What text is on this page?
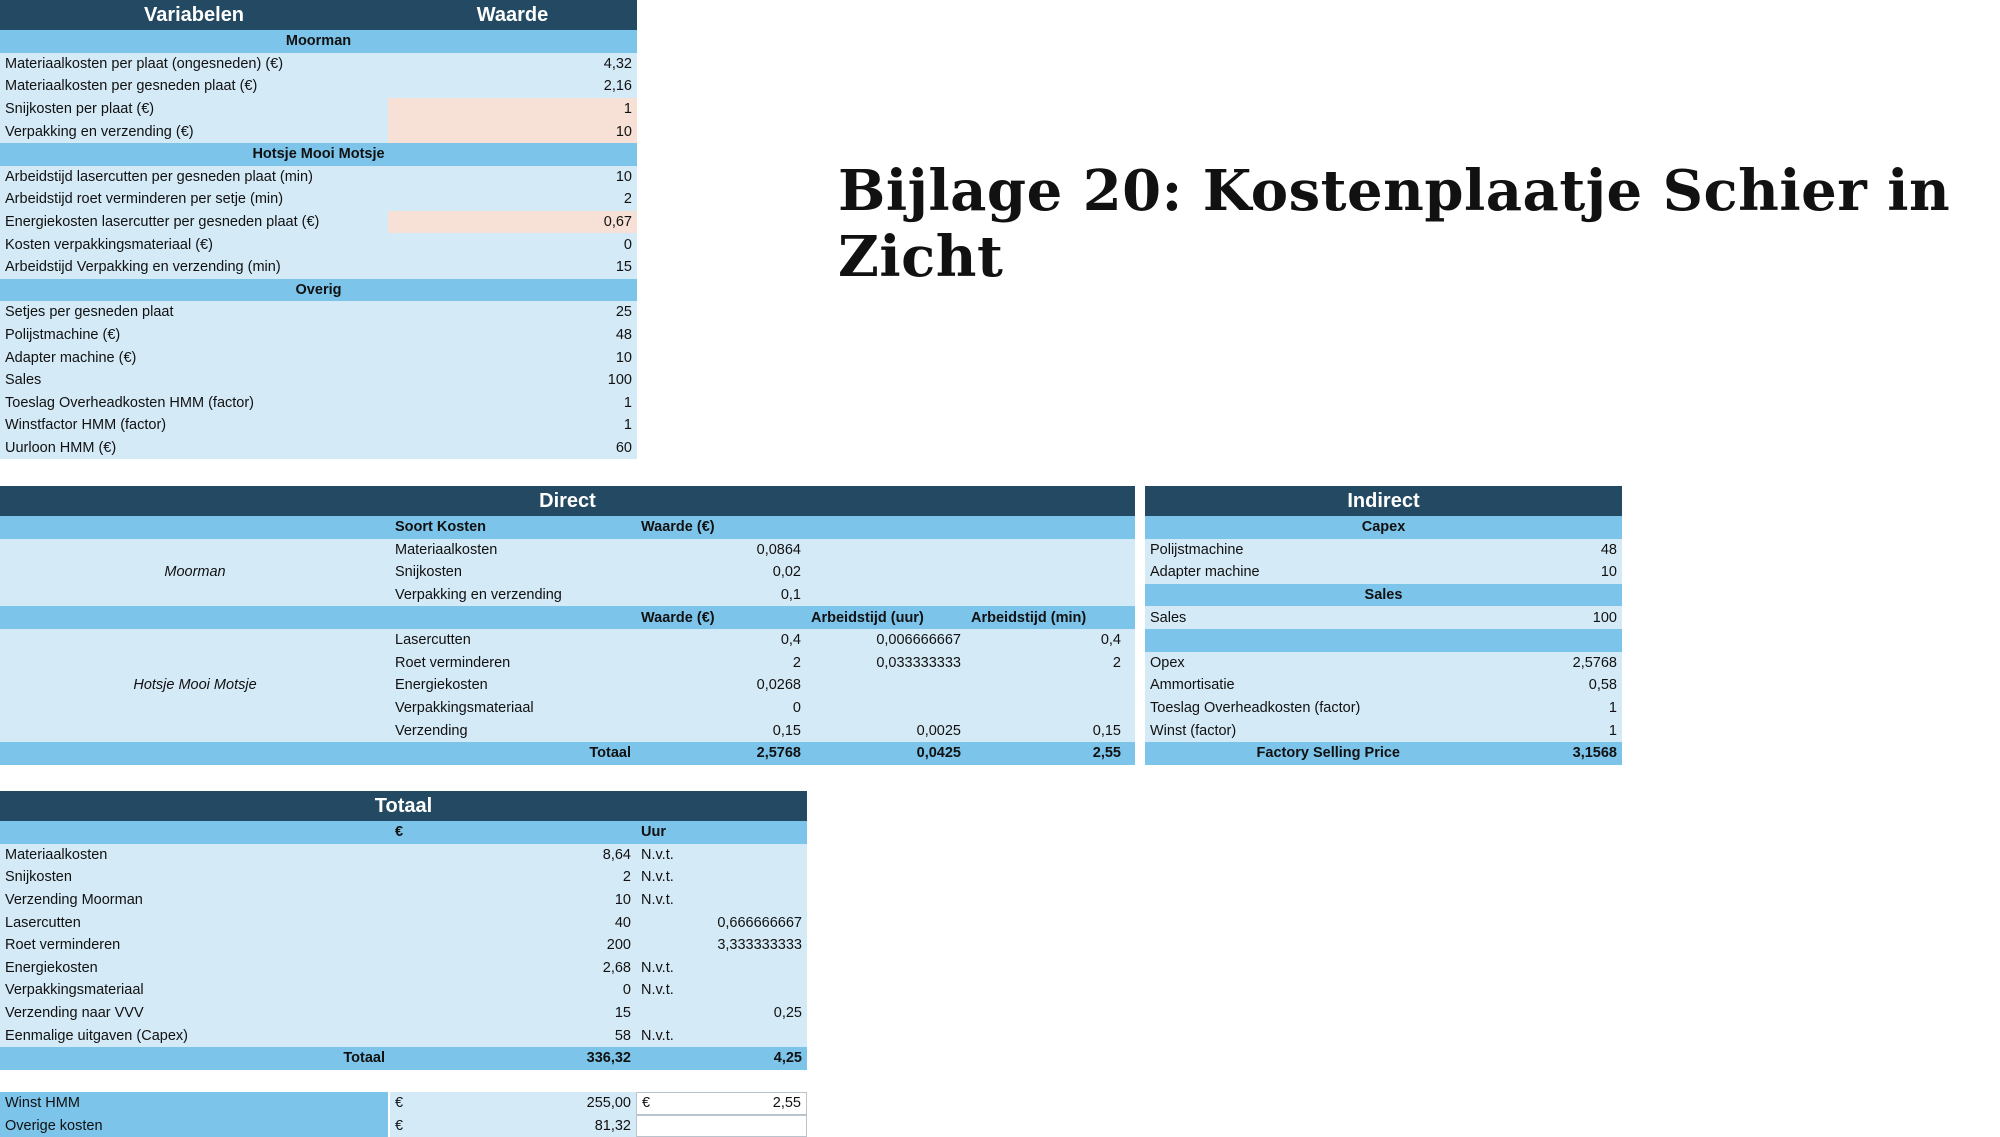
Bijlage 20: Kostenplaatje Schier in Zicht
Variabelen	Waarde
Moorman
Materiaalkosten per plaat (ongesneden) (€)	4,32
Materiaalkosten per gesneden plaat (€)	2,16
Snijkosten per plaat (€)	1
Verpakking en verzending (€)	10
Hotsje Mooi Motsje
Arbeidstijd lasercutten per gesneden plaat (min)	10
Arbeidstijd roet verminderen per setje (min)	2
Energiekosten lasercutter per gesneden plaat (€)	0,67
Kosten verpakkingsmateriaal (€)	0
Arbeidstijd Verpakking en verzending (min)	15
Overig
Setjes per gesneden plaat	25
Polijstmachine (€)	48
Adapter machine (€)	10
Sales	100
Toeslag Overheadkosten HMM (factor)	1
Winstfactor HMM (factor)	1
Uurloon HMM (€)	60
Direct
Soort Kosten	Waarde (€)
Moorman
Materiaalkosten	0,0864
Snijkosten	0,02
Verpakking en verzending	0,1
Waarde (€)	Arbeidstijd (uur)	Arbeidstijd (min)
Hotsje Mooi Motsje
Lasercutten	0,4	0,006666667	0,4
Roet verminderen	2	0,033333333	2
Energiekosten	0,0268
Verpakkingsmateriaal	0
Verzending	0,15	0,0025	0,15
Totaal	2,5768	0,0425	2,55
Indirect
Capex
Polijstmachine	48
Adapter machine	10
Sales
Sales	100
Opex	2,5768
Ammortisatie	0,58
Toeslag Overheadkosten (factor)	1
Winst (factor)	1
Factory Selling Price	3,1568
Totaal
€	Uur
Materiaalkosten	8,64 N.v.t.
Snijkosten	2 N.v.t.
Verzending Moorman	10 N.v.t.
Lasercutten	40	0,666666667
Roet verminderen	200	3,333333333
Energiekosten	2,68 N.v.t.
Verpakkingsmateriaal	0 N.v.t.
Verzending naar VVV	15	0,25
Eenmalige uitgaven (Capex)	58 N.v.t.
Totaal	336,32	4,25
Winst HMM	€	255,00 €	2,55
Overige kosten	€	81,32
